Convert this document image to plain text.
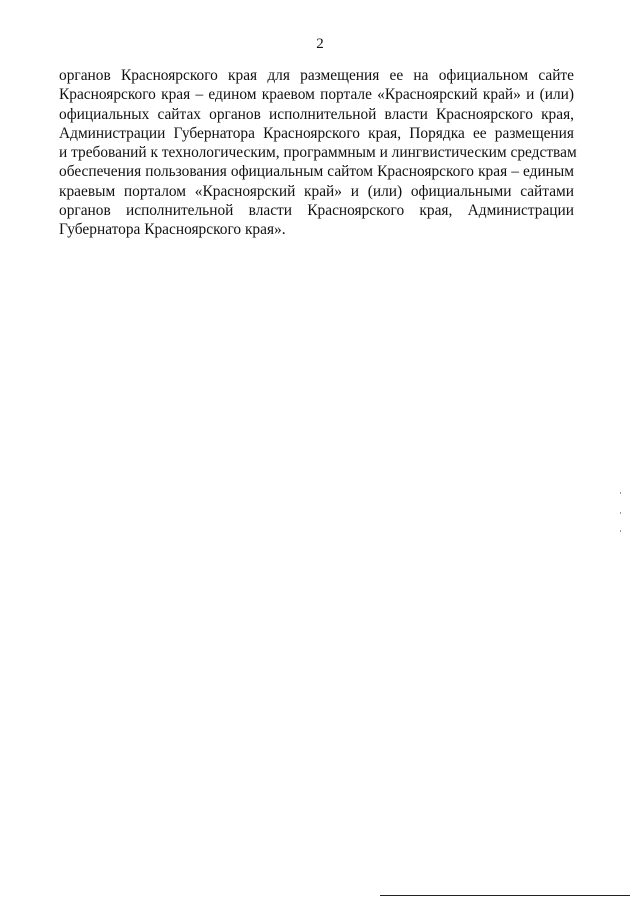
2

органов Красноярского края для размещения ее на официальном сайте
Красноярского края – едином краевом портале «Красноярский край» и (или)
официальных сайтах органов исполнительной власти Красноярского края,
Администрации Губернатора Красноярского края, Порядка ее размещения
и требований к технологическим, программным и лингвистическим средствам
обеспечения пользования официальным сайтом Красноярского края – единым
краевым порталом «Красноярский край» и (или) официальными сайтами
органов исполнительной власти Красноярского края, Администрации
Губернатора Красноярского края».
